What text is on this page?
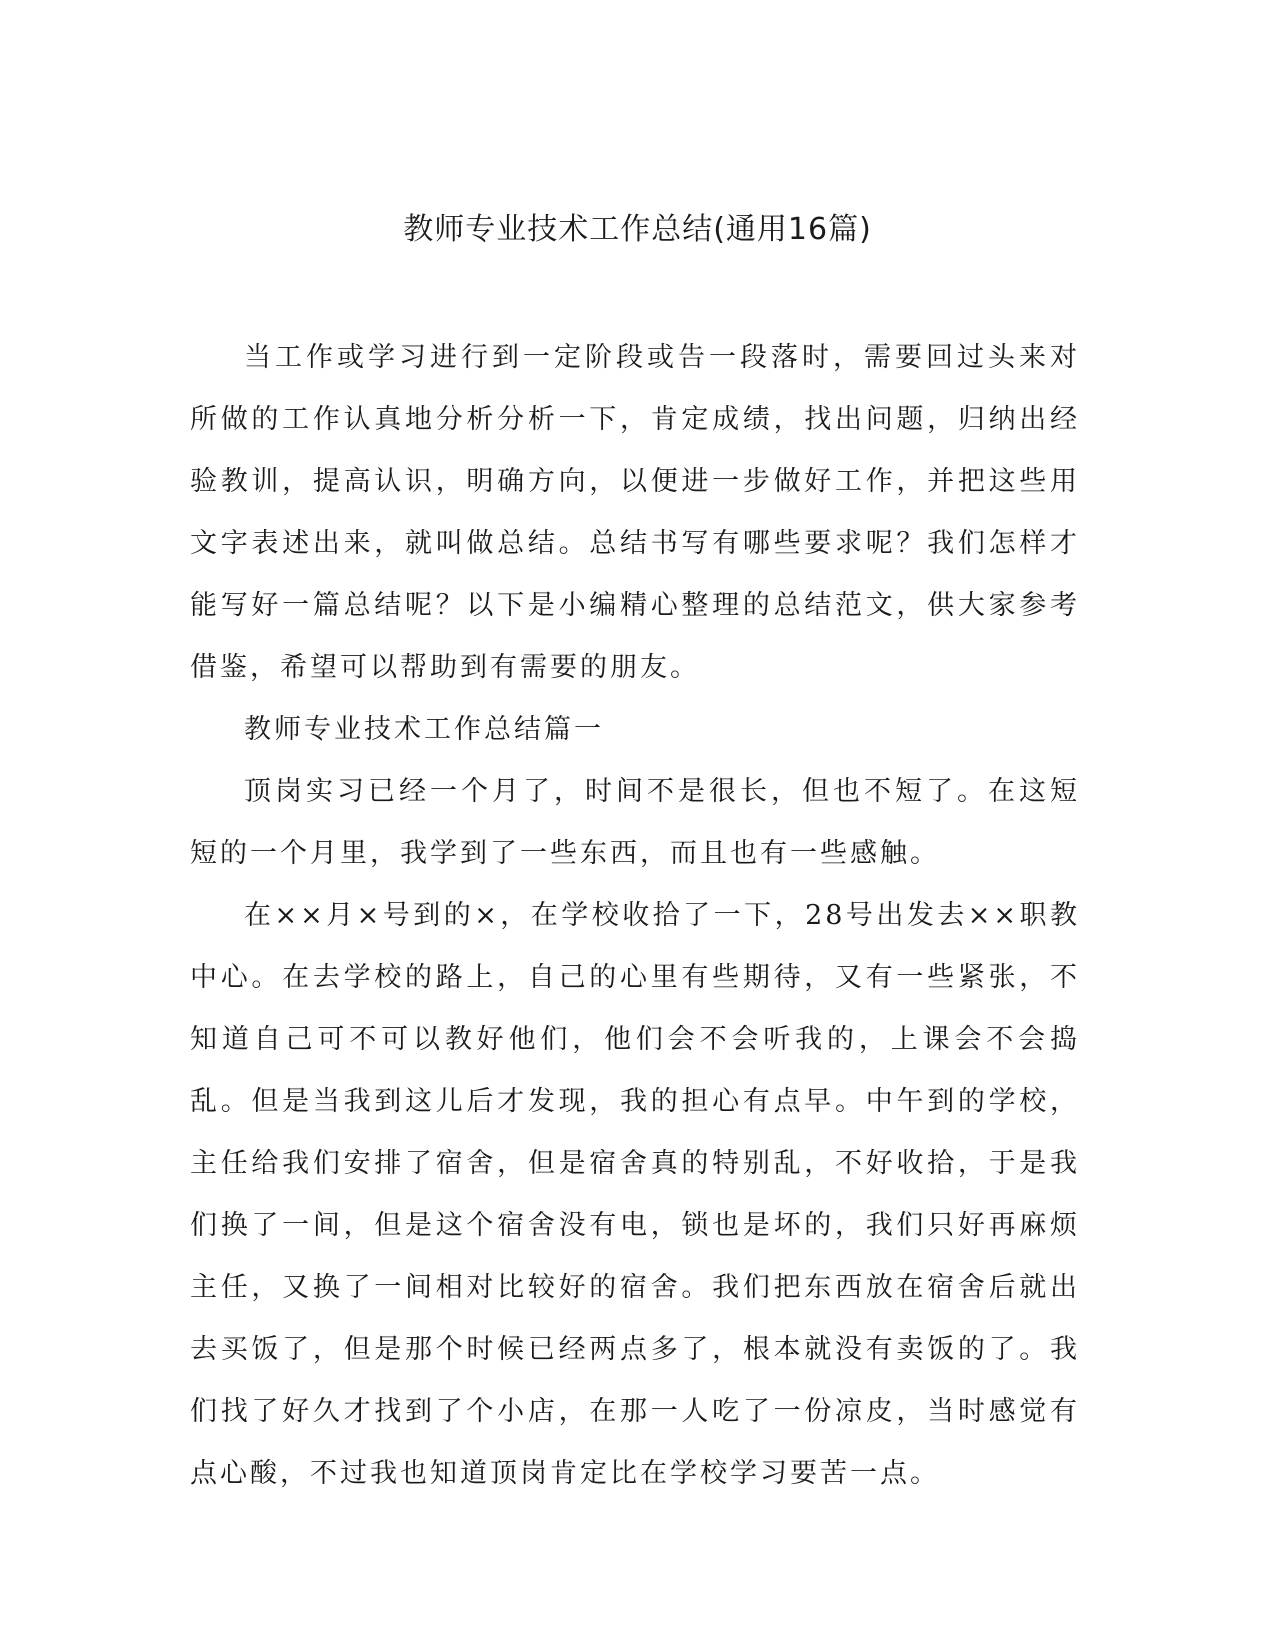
教师专业技术工作总结(通用16篇)

当工作或学习进行到一定阶段或告一段落时，需要回过头来对所做的工作认真地分析分析一下，肯定成绩，找出问题，归纳出经验教训，提高认识，明确方向，以便进一步做好工作，并把这些用文字表述出来，就叫做总结。总结书写有哪些要求呢？我们怎样才能写好一篇总结呢？以下是小编精心整理的总结范文，供大家参考借鉴，希望可以帮助到有需要的朋友。

教师专业技术工作总结篇一

顶岗实习已经一个月了，时间不是很长，但也不短了。在这短短的一个月里，我学到了一些东西，而且也有一些感触。

在××月×号到的×，在学校收拾了一下，28号出发去××职教中心。在去学校的路上，自己的心里有些期待，又有一些紧张，不知道自己可不可以教好他们，他们会不会听我的，上课会不会捣乱。但是当我到这儿后才发现，我的担心有点早。中午到的学校，主任给我们安排了宿舍，但是宿舍真的特别乱，不好收拾，于是我们换了一间，但是这个宿舍没有电，锁也是坏的，我们只好再麻烦主任，又换了一间相对比较好的宿舍。我们把东西放在宿舍后就出去买饭了，但是那个时候已经两点多了，根本就没有卖饭的了。我们找了好久才找到了个小店，在那一人吃了一份凉皮，当时感觉有点心酸，不过我也知道顶岗肯定比在学校学习要苦一点。
